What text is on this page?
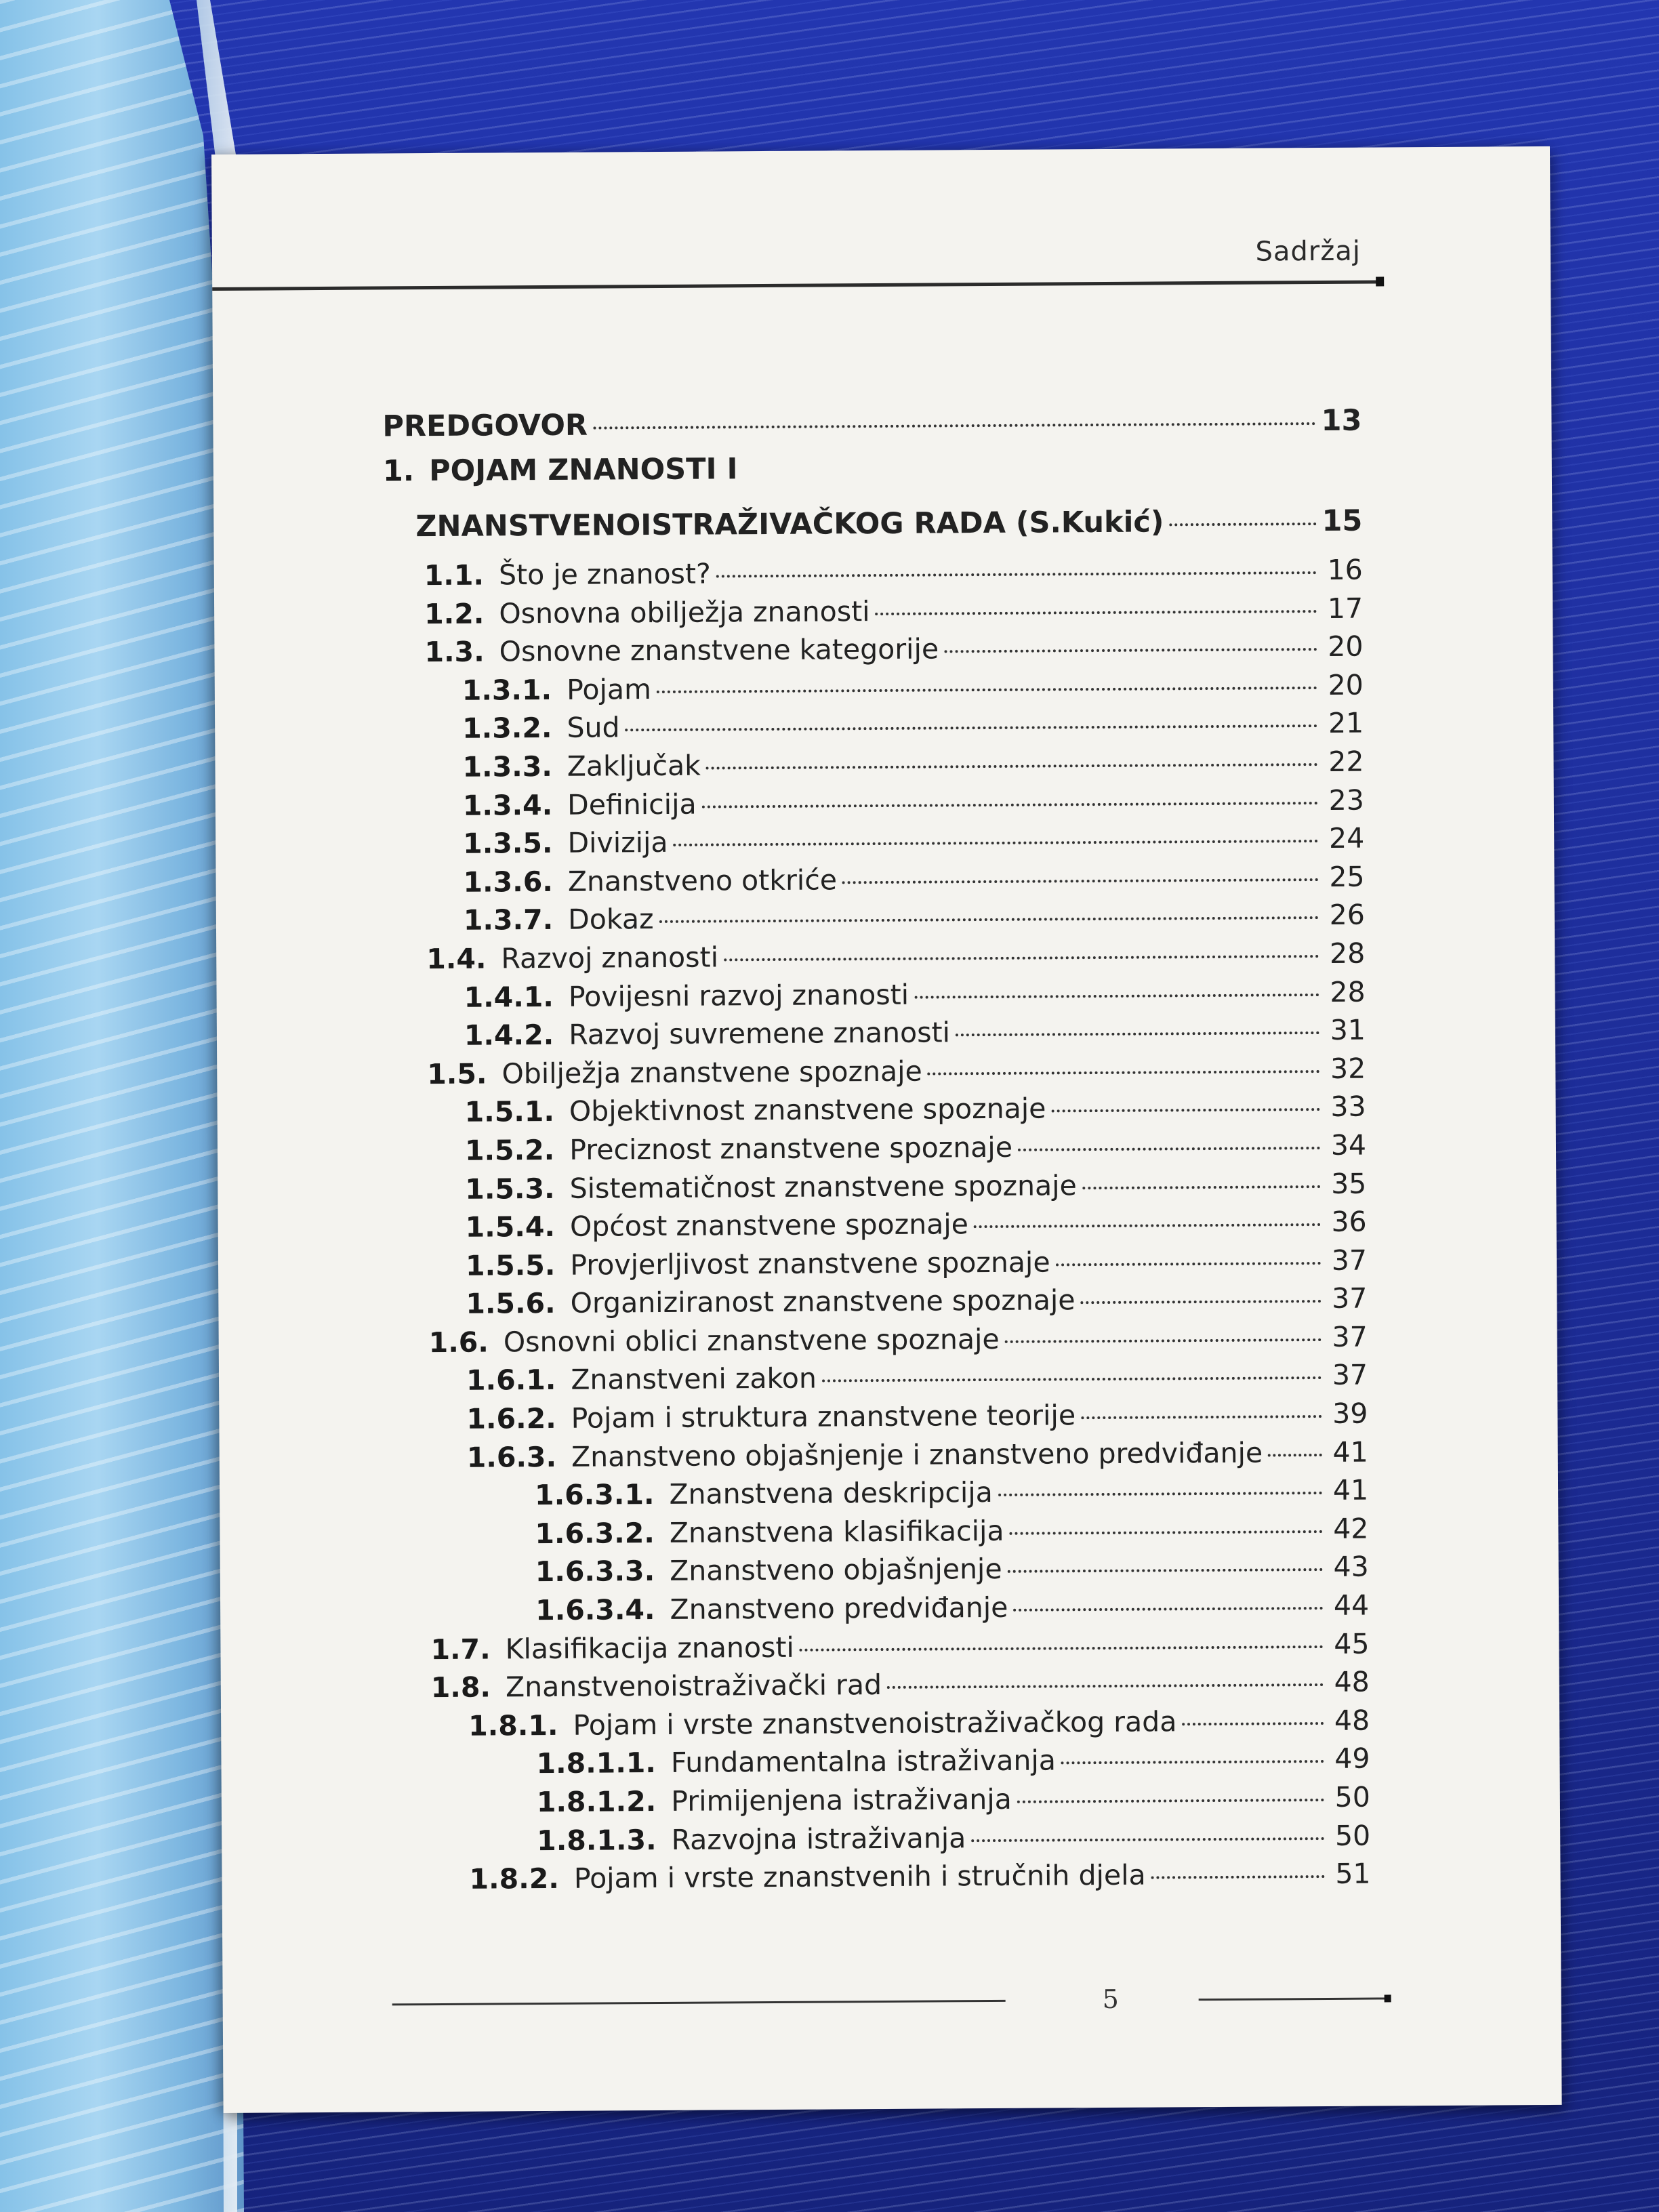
Sadržaj
PREDGOVOR	13
1. POJAM ZNANOSTI I
ZNANSTVENOISTRAŽIVAČKOG RADA (S.Kukić)	15
1.1. Što je znanost?	16
1.2. Osnovna obilježja znanosti	17
1.3. Osnovne znanstvene kategorije	20
1.3.1. Pojam	20
1.3.2. Sud	21
1.3.3. Zaključak	22
1.3.4. Definicija	23
1.3.5. Divizija	24
1.3.6. Znanstveno otkriće	25
1.3.7. Dokaz	26
1.4. Razvoj znanosti	28
1.4.1. Povijesni razvoj znanosti	28
1.4.2. Razvoj suvremene znanosti	31
1.5. Obilježja znanstvene spoznaje	32
1.5.1. Objektivnost znanstvene spoznaje	33
1.5.2. Preciznost znanstvene spoznaje	34
1.5.3. Sistematičnost znanstvene spoznaje	35
1.5.4. Općost znanstvene spoznaje	36
1.5.5. Provjerljivost znanstvene spoznaje	37
1.5.6. Organiziranost znanstvene spoznaje	37
1.6. Osnovni oblici znanstvene spoznaje	37
1.6.1. Znanstveni zakon	37
1.6.2. Pojam i struktura znanstvene teorije	39
1.6.3. Znanstveno objašnjenje i znanstveno predviđanje	41
1.6.3.1. Znanstvena deskripcija	41
1.6.3.2. Znanstvena klasifikacija	42
1.6.3.3. Znanstveno objašnjenje	43
1.6.3.4. Znanstveno predviđanje	44
1.7. Klasifikacija znanosti	45
1.8. Znanstvenoistraživački rad	48
1.8.1. Pojam i vrste znanstvenoistraživačkog rada	48
1.8.1.1. Fundamentalna istraživanja	49
1.8.1.2. Primijenjena istraživanja	50
1.8.1.3. Razvojna istraživanja	50
1.8.2. Pojam i vrste znanstvenih i stručnih djela	51
5
